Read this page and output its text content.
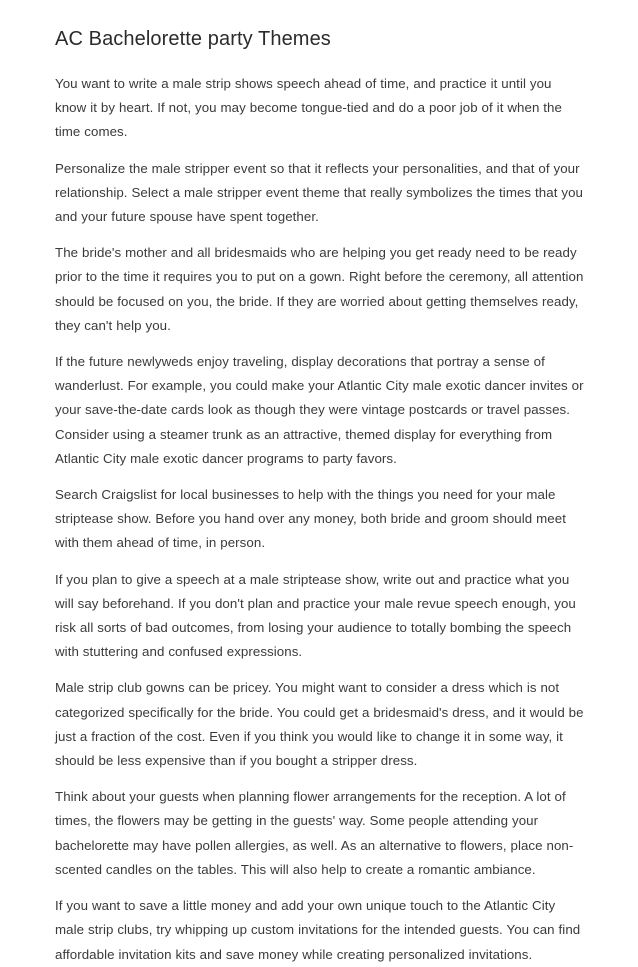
AC Bachelorette party Themes

You want to write a male strip shows speech ahead of time, and practice it until you know it by heart. If not, you may become tongue-tied and do a poor job of it when the time comes.

Personalize the male stripper event so that it reflects your personalities, and that of your relationship. Select a male stripper event theme that really symbolizes the times that you and your future spouse have spent together.

The bride's mother and all bridesmaids who are helping you get ready need to be ready prior to the time it requires you to put on a gown. Right before the ceremony, all attention should be focused on you, the bride. If they are worried about getting themselves ready, they can't help you.

If the future newlyweds enjoy traveling, display decorations that portray a sense of wanderlust. For example, you could make your Atlantic City male exotic dancer invites or your save-the-date cards look as though they were vintage postcards or travel passes. Consider using a steamer trunk as an attractive, themed display for everything from Atlantic City male exotic dancer programs to party favors.

Search Craigslist for local businesses to help with the things you need for your male striptease show. Before you hand over any money, both bride and groom should meet with them ahead of time, in person.

If you plan to give a speech at a male striptease show, write out and practice what you will say beforehand. If you don't plan and practice your male revue speech enough, you risk all sorts of bad outcomes, from losing your audience to totally bombing the speech with stuttering and confused expressions.

Male strip club gowns can be pricey. You might want to consider a dress which is not categorized specifically for the bride. You could get a bridesmaid's dress, and it would be just a fraction of the cost. Even if you think you would like to change it in some way, it should be less expensive than if you bought a stripper dress.

Think about your guests when planning flower arrangements for the reception. A lot of times, the flowers may be getting in the guests' way. Some people attending your bachelorette may have pollen allergies, as well. As an alternative to flowers, place non-scented candles on the tables. This will also help to create a romantic ambiance.

If you want to save a little money and add your own unique touch to the Atlantic City male strip clubs, try whipping up custom invitations for the intended guests. You can find affordable invitation kits and save money while creating personalized invitations.
